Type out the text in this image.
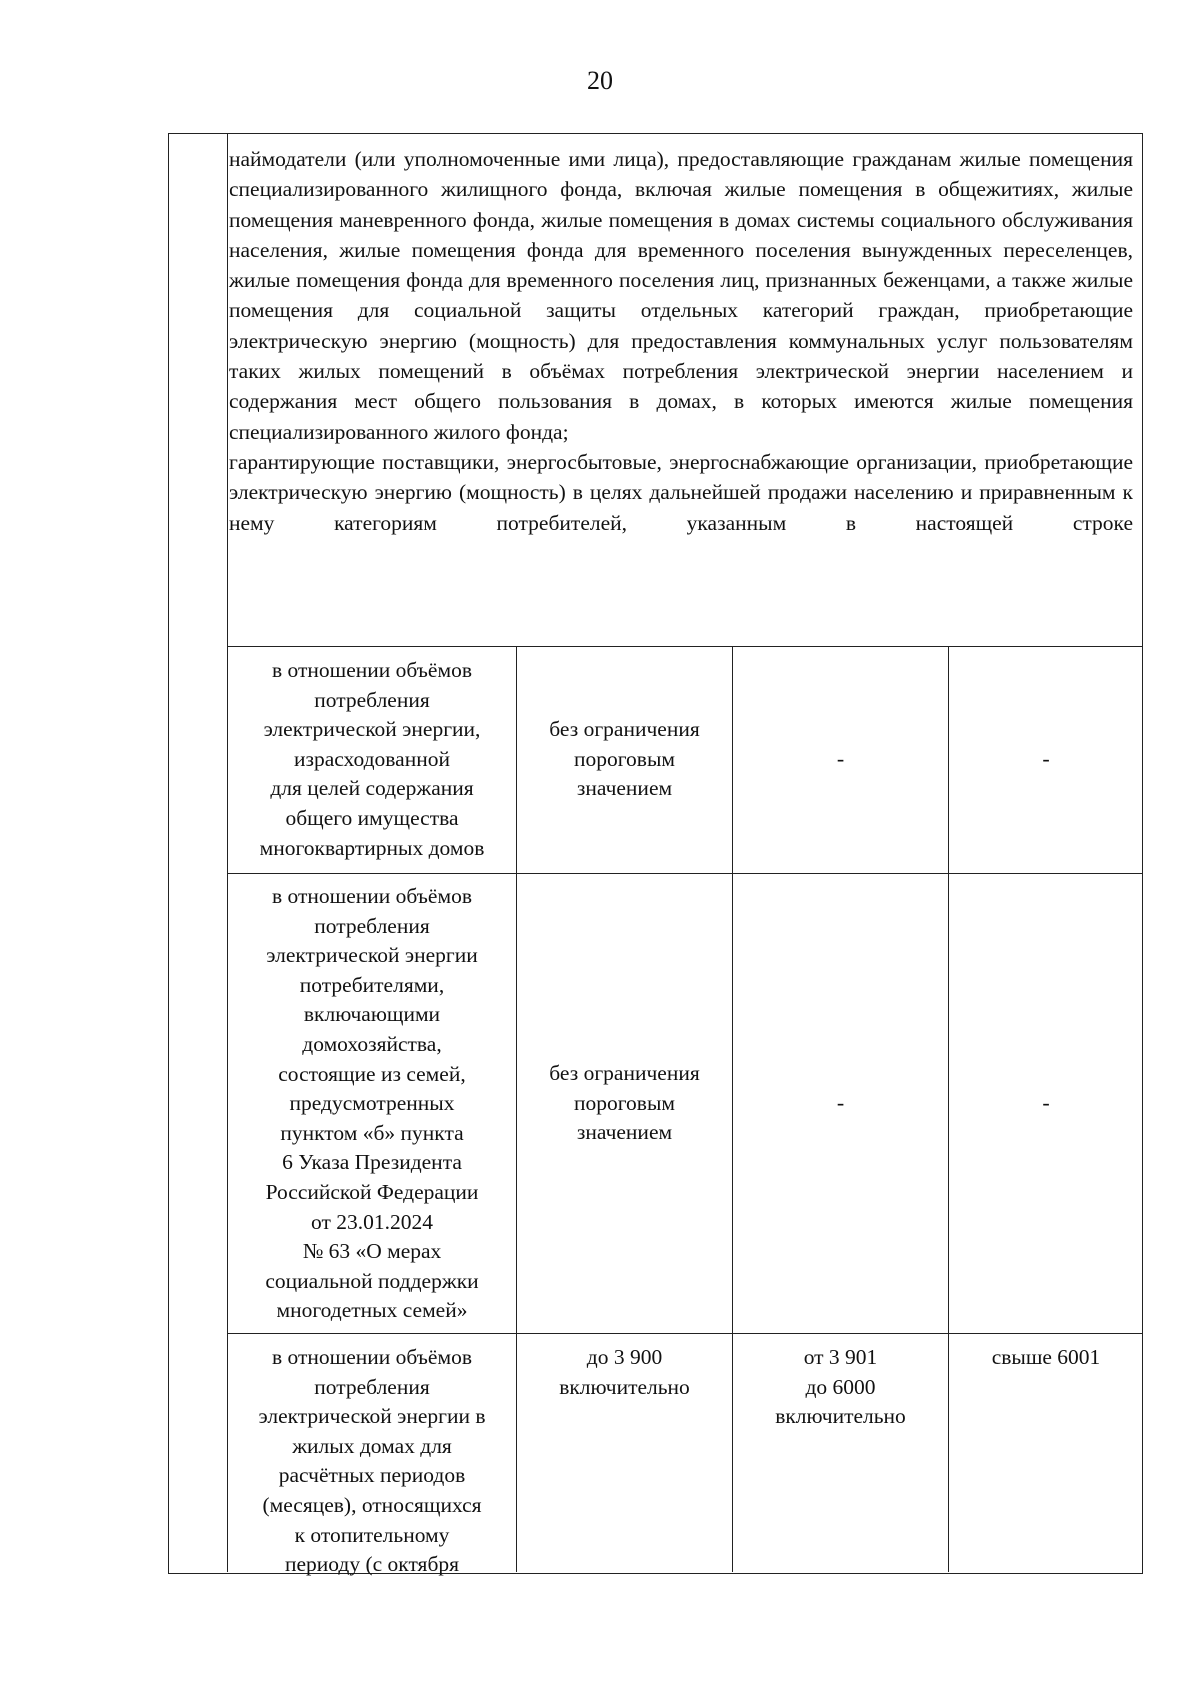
20

наймодатели (или уполномоченные ими лица), предоставляющие гражданам жилые помещения специализированного жилищного фонда, включая жилые помещения в общежитиях, жилые помещения маневренного фонда, жилые помещения в домах системы социального обслуживания населения, жилые помещения фонда для временного поселения вынужденных переселенцев, жилые помещения фонда для временного поселения лиц, признанных беженцами, а также жилые помещения для социальной защиты отдельных категорий граждан, приобретающие электрическую энергию (мощность) для предоставления коммунальных услуг пользователям таких жилых помещений в объёмах потребления электрической энергии населением и содержания мест общего пользования в домах, в которых имеются жилые помещения специализированного жилого фонда;

гарантирующие поставщики, энергосбытовые, энергоснабжающие организации, приобретающие электрическую энергию (мощность) в целях дальнейшей продажи населению и приравненным к нему категориям потребителей, указанным в настоящей строке

в отношении объёмов
потребления
электрической энергии,
израсходованной
для целей содержания
общего имущества
многоквартирных домов
без ограничения
пороговым
значением
-	-
в отношении объёмов
потребления
электрической энергии
потребителями,
включающими
домохозяйства,
состоящие из семей,
предусмотренных
пунктом «б» пункта
6 Указа Президента
Российской Федерации
от 23.01.2024
№ 63 «О мерах
социальной поддержки
многодетных семей»
без ограничения
пороговым
значением
-	-
в отношении объёмов
потребления
электрической энергии в
жилых домах для
расчётных периодов
(месяцев), относящихся
к отопительному
периоду (с октября
до 3 900
включительно
от 3 901
до 6000
включительно
свыше 6001
